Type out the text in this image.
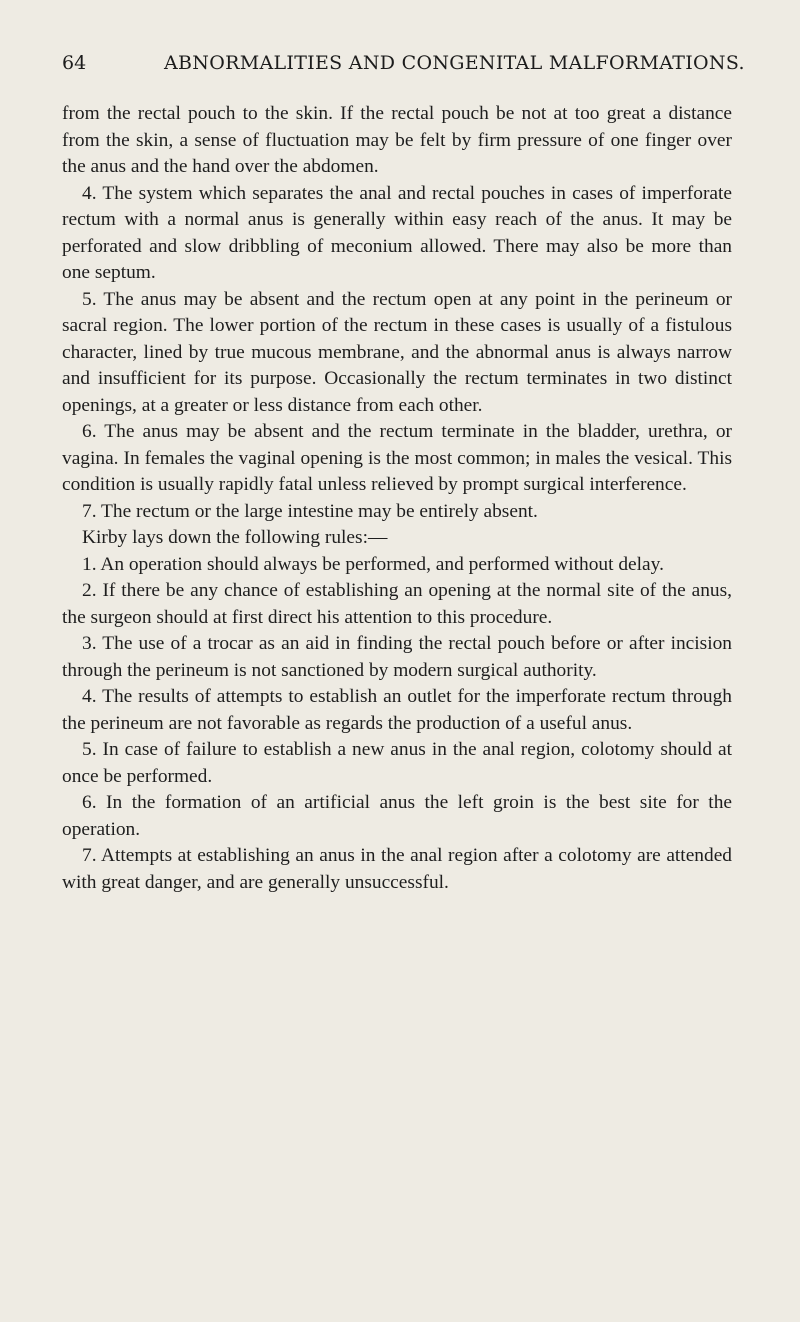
64	ABNORMALITIES AND CONGENITAL MALFORMATIONS.

from the rectal pouch to the skin. If the rectal pouch be not at too great a distance from the skin, a sense of fluctuation may be felt by firm pressure of one finger over the anus and the hand over the abdomen.

4. The system which separates the anal and rectal pouches in cases of imperforate rectum with a normal anus is generally within easy reach of the anus. It may be perforated and slow dribbling of meconium allowed. There may also be more than one septum.

5. The anus may be absent and the rectum open at any point in the perineum or sacral region. The lower portion of the rectum in these cases is usually of a fistulous character, lined by true mucous membrane, and the abnormal anus is always narrow and insufficient for its purpose. Occasionally the rectum terminates in two distinct openings, at a greater or less distance from each other.

6. The anus may be absent and the rectum terminate in the bladder, urethra, or vagina. In females the vaginal opening is the most common; in males the vesical. This condition is usually rapidly fatal unless relieved by prompt surgical interference.

7. The rectum or the large intestine may be entirely absent.

Kirby lays down the following rules:—

1. An operation should always be performed, and performed without delay.

2. If there be any chance of establishing an opening at the normal site of the anus, the surgeon should at first direct his attention to this procedure.

3. The use of a trocar as an aid in finding the rectal pouch before or after incision through the perineum is not sanctioned by modern surgical authority.

4. The results of attempts to establish an outlet for the imperforate rectum through the perineum are not favorable as regards the production of a useful anus.

5. In case of failure to establish a new anus in the anal region, colotomy should at once be performed.

6. In the formation of an artificial anus the left groin is the best site for the operation.

7. Attempts at establishing an anus in the anal region after a colotomy are attended with great danger, and are generally unsuccessful.
